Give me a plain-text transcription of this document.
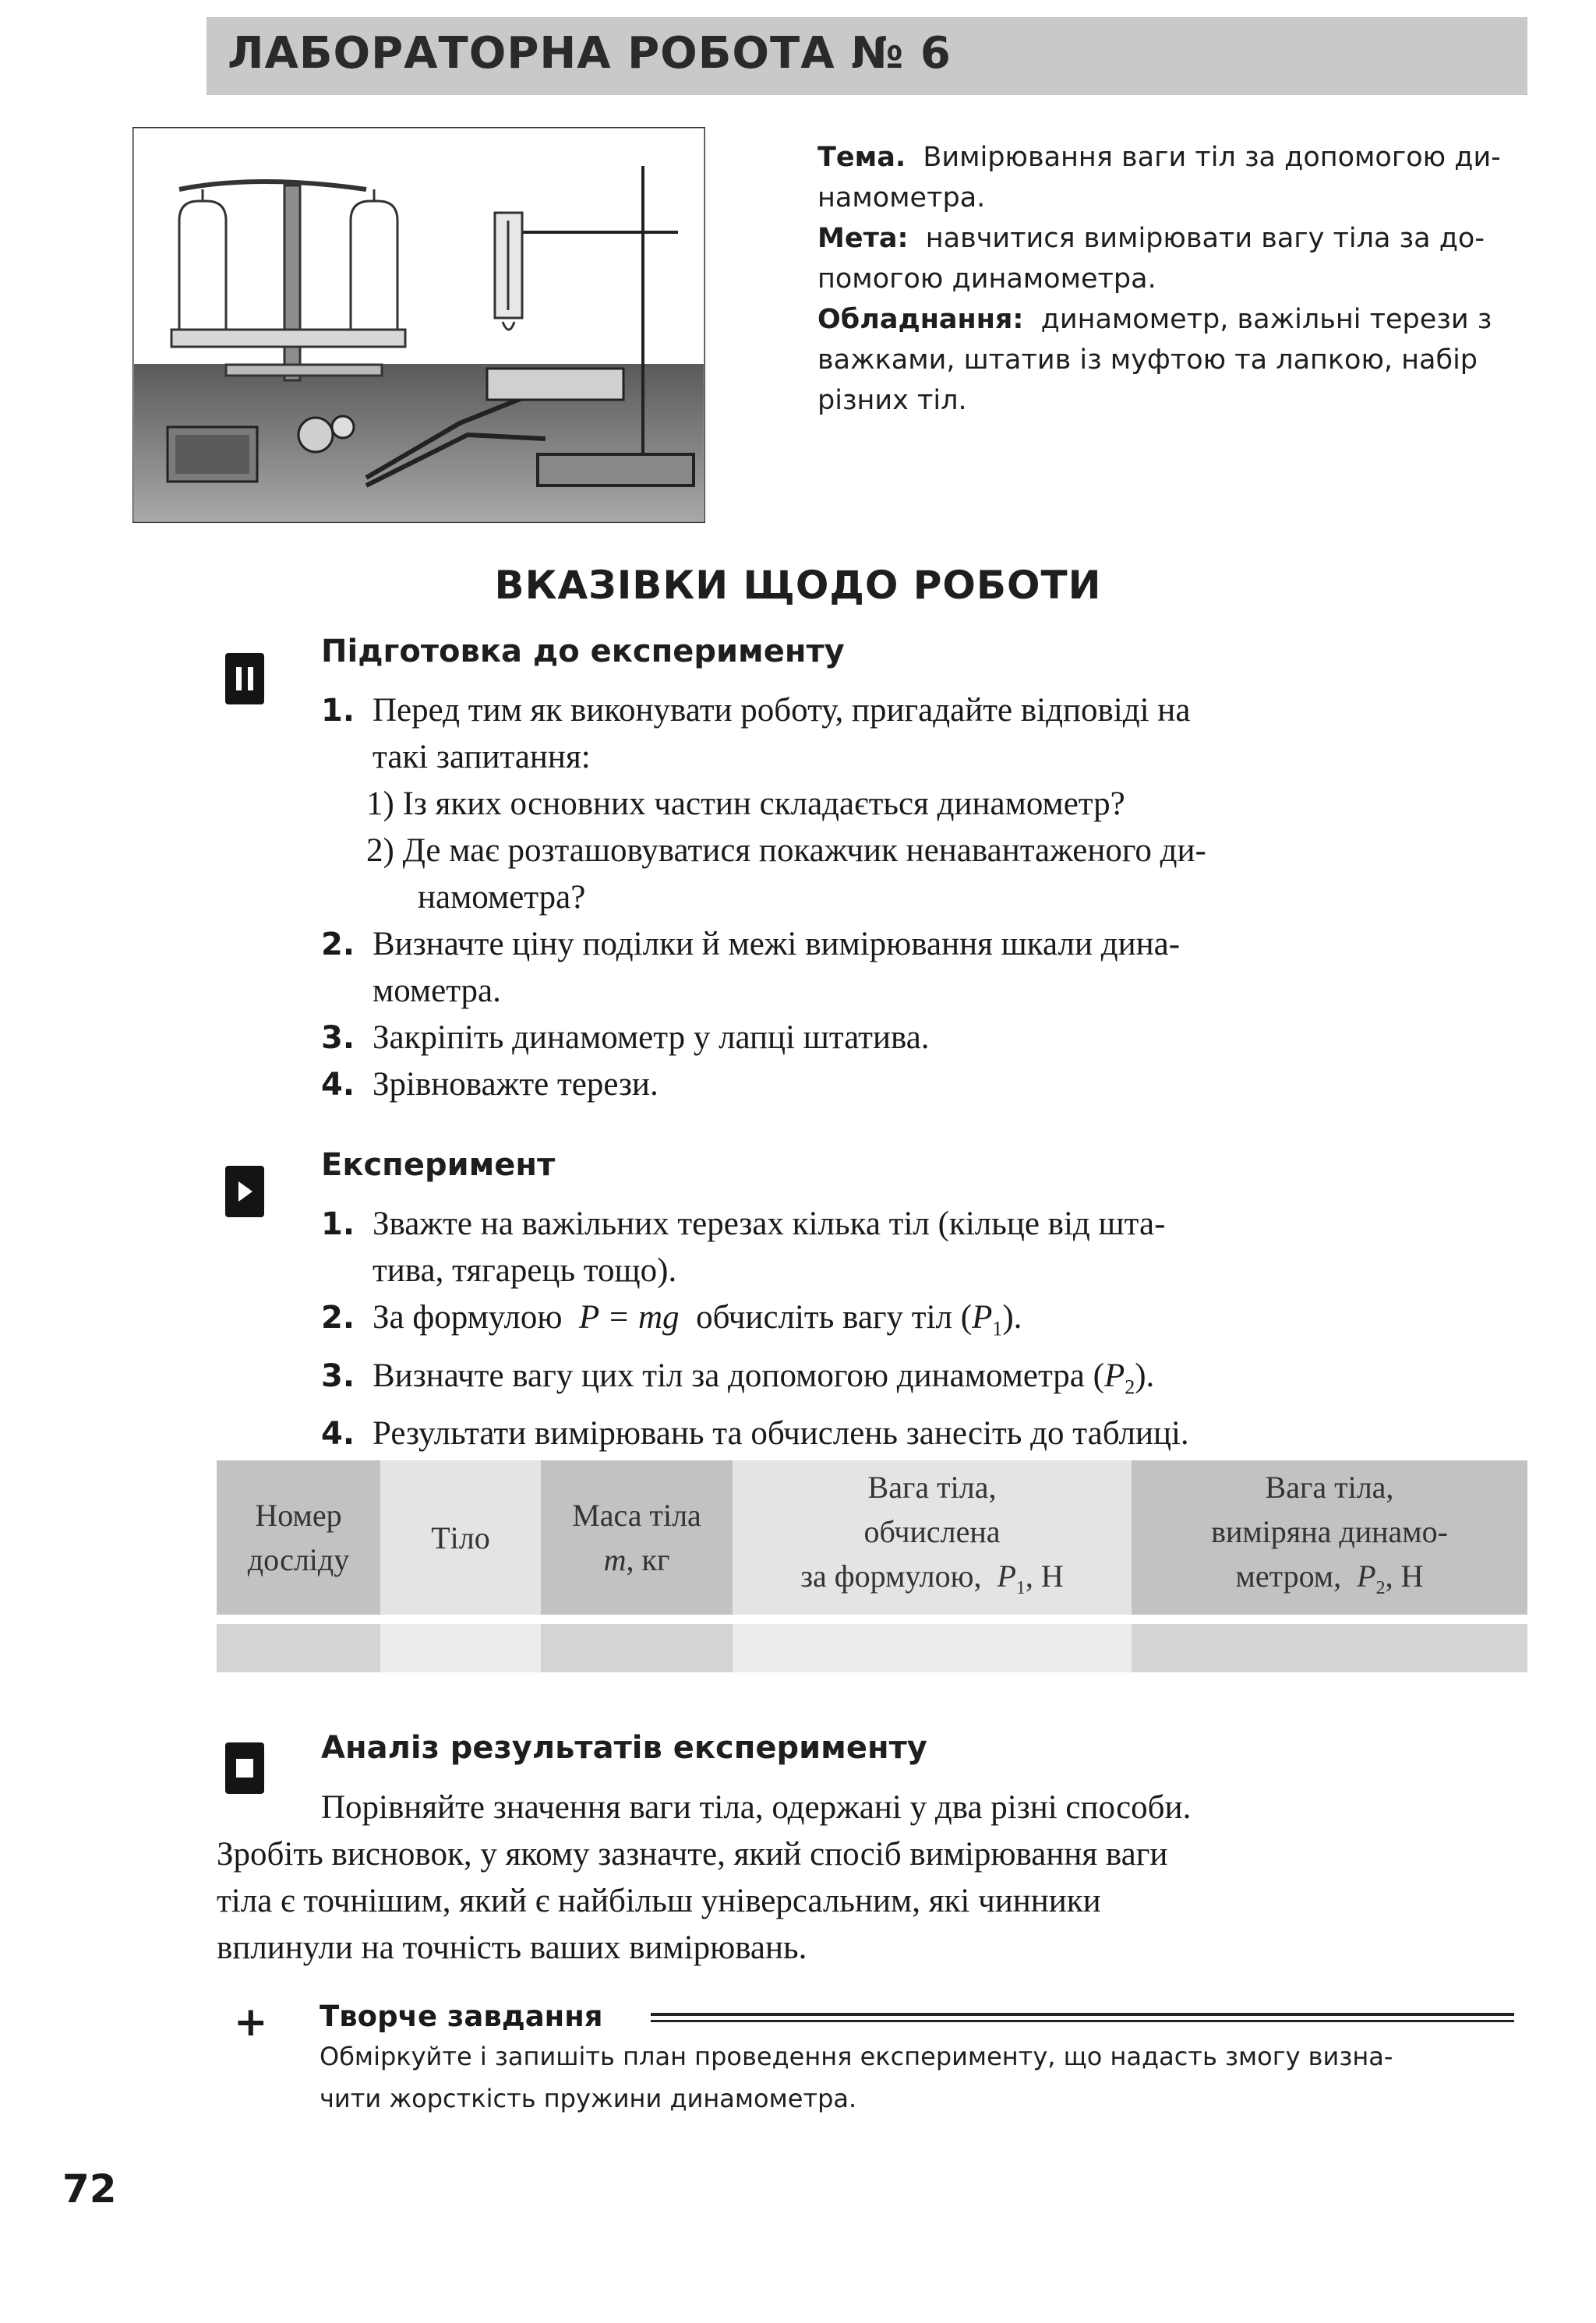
ЛАБОРАТОРНА РОБОТА № 6
Тема. Вимірювання ваги тіл за допомогою ди-
намометра.
Мета: навчитися вимірювати вагу тіла за до-
помогою динамометра.
Обладнання: динамометр, важільні терези з
важками, штатив із муфтою та лапкою, набір
різних тіл.
ВКАЗІВКИ ЩОДО РОБОТИ
Підготовка до експерименту
1. Перед тим як виконувати роботу, пригадайте відповіді на
такі запитання:
1) Із яких основних частин складається динамометр?
2) Де має розташовуватися покажчик ненавантаженого ди-
намометра?
2. Визначте ціну поділки й межі вимірювання шкали дина-
мометра.
3. Закріпіть динамометр у лапці штатива.
4. Зрівноважте терези.
Експеримент
1. Зважте на важільних терезах кілька тіл (кільце від шта-
тива, тягарець тощо).
2. За формулою P = mg обчисліть вагу тіл $(P_1)$.
3. Визначте вагу цих тіл за допомогою динамометра $(P_2)$.
4. Результати вимірювань та обчислень занесіть до таблиці.
Номер
досліду
Тіло
Маса тіла
m, кг
Вага тіла,
обчислена
за формулою, $P_1$, Н
Вага тіла,
виміряна динамо-
метром, $P_2$, Н
Аналіз результатів експерименту
Порівняйте значення ваги тіла, одержані у два різні способи.
Зробіть висновок, у якому зазначте, який спосіб вимірювання ваги
тіла є точнішим, який є найбільш універсальним, які чинники
вплинули на точність ваших вимірювань.
+ Творче завдання
Обміркуйте і запишіть план проведення експерименту, що надасть змогу визна-
чити жорсткість пружини динамометра.
72
